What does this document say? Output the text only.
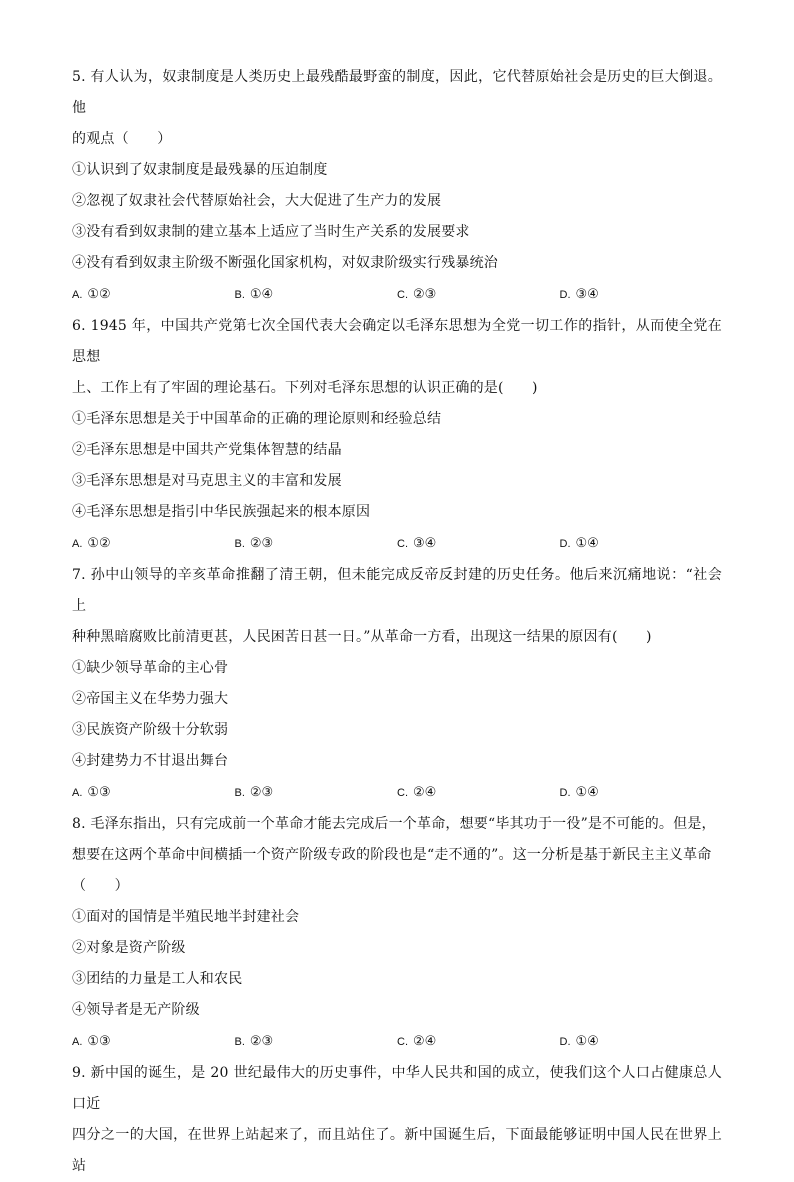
5. 有人认为，奴隶制度是人类历史上最残酷最野蛮的制度，因此，它代替原始社会是历史的巨大倒退。他

的观点（　　）

①认识到了奴隶制度是最残暴的压迫制度

②忽视了奴隶社会代替原始社会，大大促进了生产力的发展

③没有看到奴隶制的建立基本上适应了当时生产关系的发展要求

④没有看到奴隶主阶级不断强化国家机构，对奴隶阶级实行残暴统治

A. ①②	B. ①④	C. ②③	D. ③④

6. 1945 年，中国共产党第七次全国代表大会确定以毛泽东思想为全党一切工作的指针，从而使全党在思想

上、工作上有了牢固的理论基石。下列对毛泽东思想的认识正确的是(　　)

①毛泽东思想是关于中国革命的正确的理论原则和经验总结

②毛泽东思想是中国共产党集体智慧的结晶

③毛泽东思想是对马克思主义的丰富和发展

④毛泽东思想是指引中华民族强起来的根本原因

A. ①②	B. ②③	C. ③④	D. ①④

7. 孙中山领导的辛亥革命推翻了清王朝，但未能完成反帝反封建的历史任务。他后来沉痛地说：“社会上

种种黑暗腐败比前清更甚，人民困苦日甚一日。”从革命一方看，出现这一结果的原因有(　　)

①缺少领导革命的主心骨

②帝国主义在华势力强大

③民族资产阶级十分软弱

④封建势力不甘退出舞台

A. ①③	B. ②③	C. ②④	D. ①④

8. 毛泽东指出，只有完成前一个革命才能去完成后一个革命，想要“毕其功于一役”是不可能的。但是，

想要在这两个革命中间横插一个资产阶级专政的阶段也是“走不通的”。这一分析是基于新民主主义革命

（　　）

①面对的国情是半殖民地半封建社会

②对象是资产阶级

③团结的力量是工人和农民

④领导者是无产阶级

A. ①③	B. ②③	C. ②④	D. ①④

9. 新中国的诞生，是 20 世纪最伟大的历史事件，中华人民共和国的成立，使我们这个人口占健康总人口近

四分之一的大国，在世界上站起来了，而且站住了。新中国诞生后，下面最能够证明中国人民在世界上站
